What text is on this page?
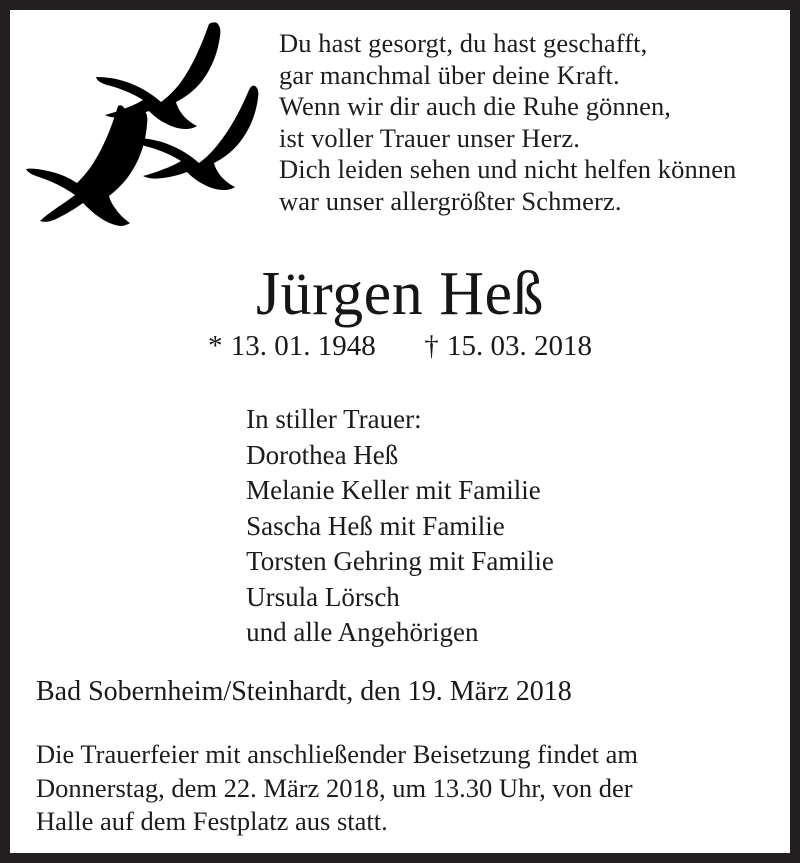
Du hast gesorgt, du hast geschafft,
gar manchmal über deine Kraft.
Wenn wir dir auch die Ruhe gönnen,
ist voller Trauer unser Herz.
Dich leiden sehen und nicht helfen können
war unser allergrößter Schmerz.
Jürgen Heß
* 13. 01. 1948 † 15. 03. 2018
In stiller Trauer:
Dorothea Heß
Melanie Keller mit Familie
Sascha Heß mit Familie
Torsten Gehring mit Familie
Ursula Lörsch
und alle Angehörigen
Bad Sobernheim/Steinhardt, den 19. März 2018
Die Trauerfeier mit anschließender Beisetzung findet am
Donnerstag, dem 22. März 2018, um 13.30 Uhr, von der
Halle auf dem Festplatz aus statt.
